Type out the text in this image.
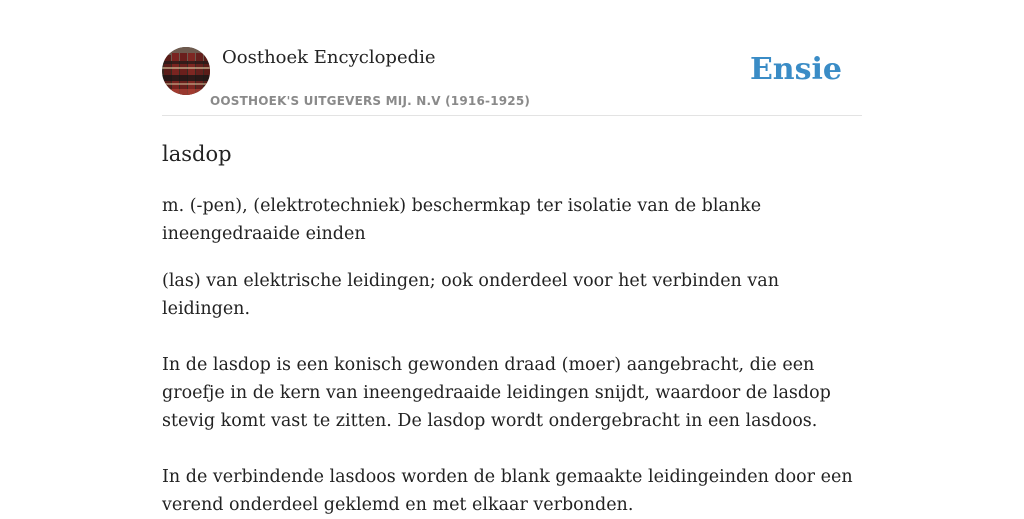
Oosthoek Encyclopedie
OOSTHOEK'S UITGEVERS MIJ. N.V (1916-1925)
Ensie
lasdop

m. (-pen), (elektrotechniek) beschermkap ter isolatie van de blanke ineengedraaide einden

(las) van elektrische leidingen; ook onderdeel voor het verbinden van leidingen.

In de lasdop is een konisch gewonden draad (moer) aangebracht, die een groefje in de kern van ineengedraaide leidingen snijdt, waardoor de lasdop stevig komt vast te zitten. De lasdop wordt ondergebracht in een lasdoos.

In de verbindende lasdoos worden de blank gemaakte leidingeinden door een verend onderdeel geklemd en met elkaar verbonden.
